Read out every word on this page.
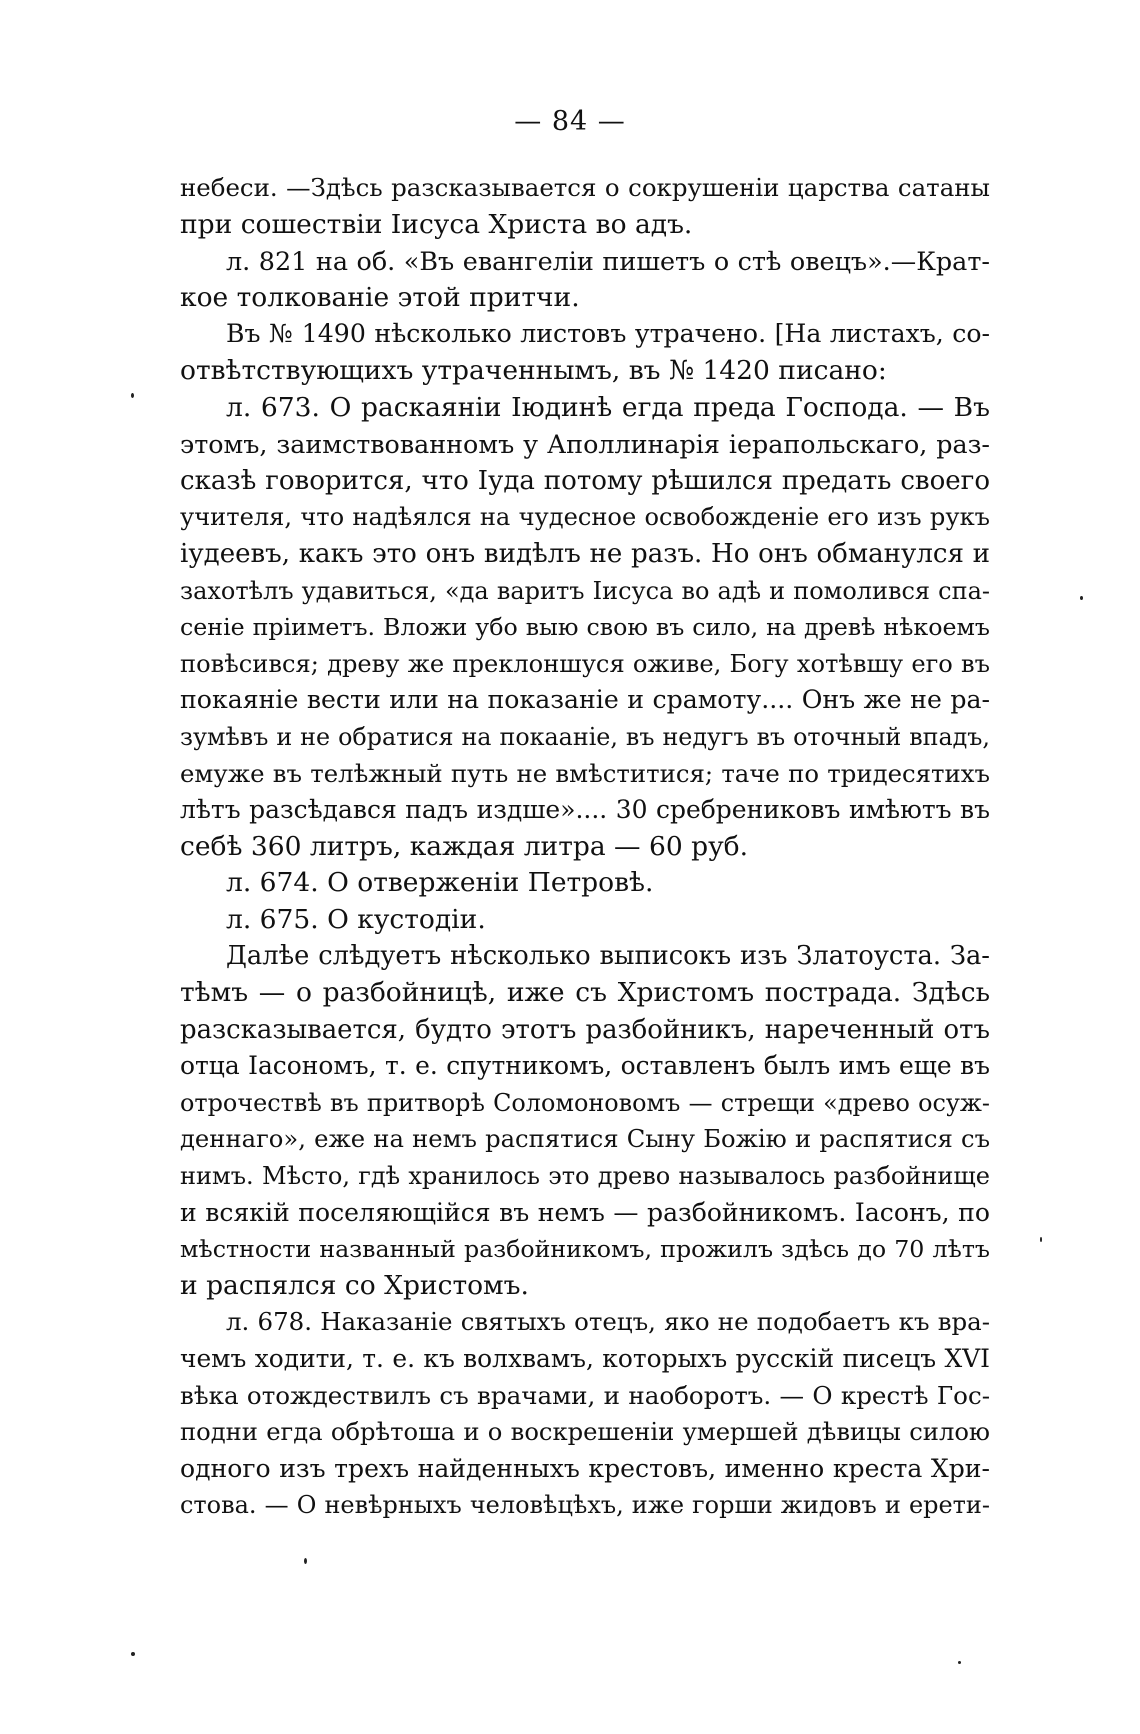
— 84 —
небеси. —Здѣсь разсказывается о сокрушеніи царства сатаны
при сошествіи Іисуса Христа во адъ.
л. 821 на об. «Въ евангеліи пишетъ о стѣ овецъ».—Крат-
кое толкованіе этой притчи.
Въ № 1490 нѣсколько листовъ утрачено. [На листахъ, со-
отвѣтствующихъ утраченнымъ, въ № 1420 писано:
л. 673. О раскаяніи Іюдинѣ егда преда Господа. — Въ
этомъ, заимствованномъ у Аполлинарія іерапольскаго, раз-
сказѣ говорится, что Іуда потому рѣшился предать своего
учителя, что надѣялся на чудесное освобожденіе его изъ рукъ
іудеевъ, какъ это онъ видѣлъ не разъ. Но онъ обманулся и
захотѣлъ удавиться, «да варитъ Іисуса во адѣ и помолився спа-
сеніе пріиметъ. Вложи убо выю свою въ сило, на древѣ нѣкоемъ
повѣсився; древу же преклоншуся оживе, Богу хотѣвшу его въ
покаяніе вести или на показаніе и срамоту.... Онъ же не ра-
зумѣвъ и не обратися на покааніе, въ недугъ въ оточный впадъ,
емуже въ телѣжный путь не вмѣститися; таче по тридесятихъ
лѣтъ разсѣдався падъ издше».... 30 сребрениковъ имѣютъ въ
себѣ 360 литръ, каждая литра — 60 руб.
л. 674. О отверженіи Петровѣ.
л. 675. О кустодіи.
Далѣе слѣдуетъ нѣсколько выписокъ изъ Златоуста. За-
тѣмъ — о разбойницѣ, иже съ Христомъ пострада. Здѣсь
разсказывается, будто этотъ разбойникъ, нареченный отъ
отца Іасономъ, т. е. спутникомъ, оставленъ былъ имъ еще въ
отрочествѣ въ притворѣ Соломоновомъ — стрещи «древо осуж-
деннаго», еже на немъ распятися Сыну Божію и распятися съ
нимъ. Мѣсто, гдѣ хранилось это древо называлось разбойнище
и всякій поселяющійся въ немъ — разбойникомъ. Іасонъ, по
мѣстности названный разбойникомъ, прожилъ здѣсь до 70 лѣтъ
и распялся со Христомъ.
л. 678. Наказаніе святыхъ отецъ, яко не подобаетъ къ вра-
чемъ ходити, т. е. къ волхвамъ, которыхъ русскій писецъ XVI
вѣка отождествилъ съ врачами, и наоборотъ. — О крестѣ Гос-
подни егда обрѣтоша и о воскрешеніи умершей дѣвицы силою
одного изъ трехъ найденныхъ крестовъ, именно креста Хри-
стова. — О невѣрныхъ человѣцѣхъ, иже горши жидовъ и ерети-
